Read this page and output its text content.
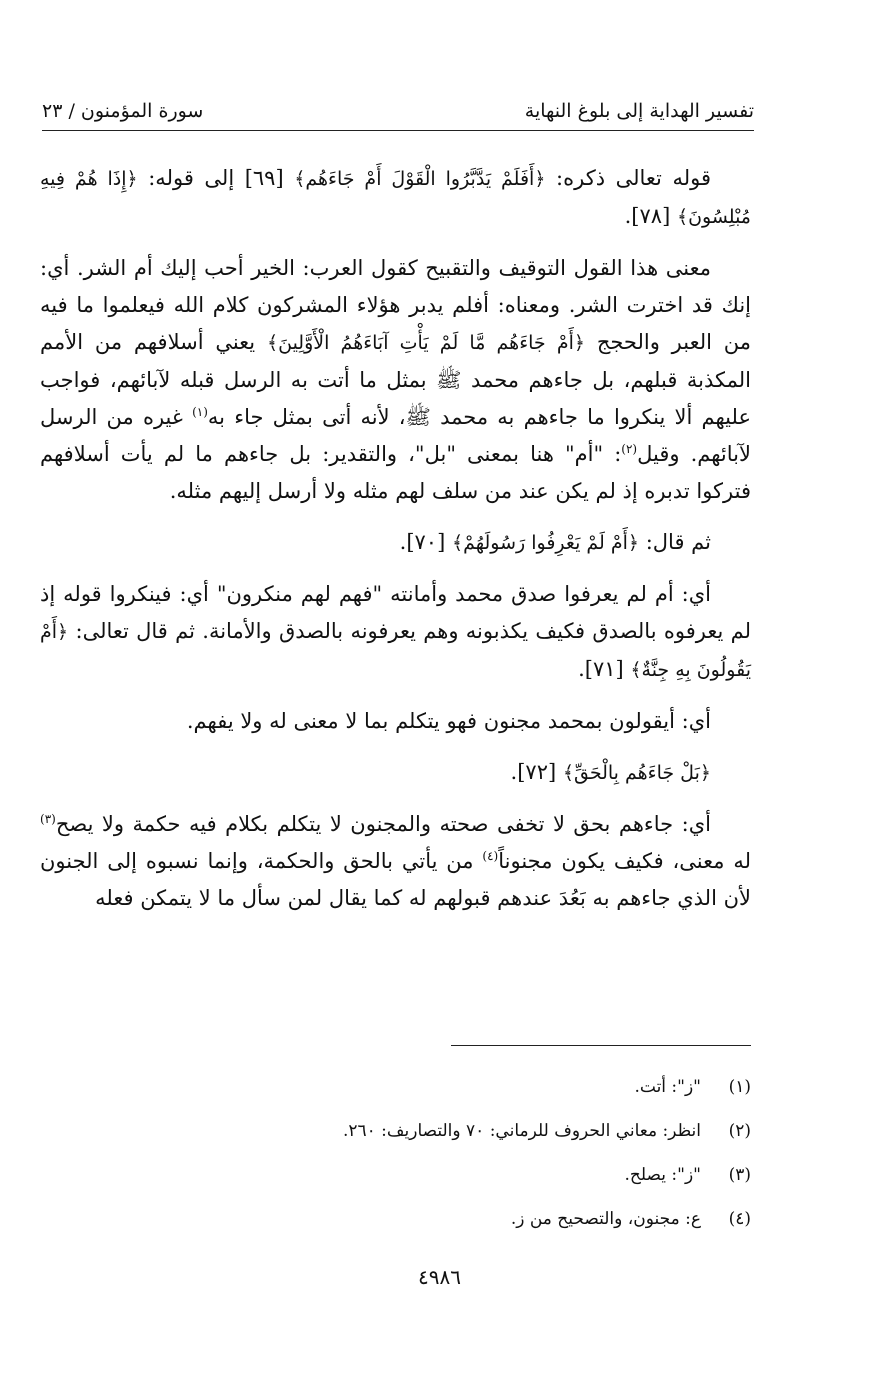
تفسير الهداية إلى بلوغ النهاية
سورة المؤمنون / ٢٣

قوله تعالى ذكره: ﴿أَفَلَمْ يَدَّبَّرُوا الْقَوْلَ أَمْ جَاءَهُم﴾ [٦٩] إلى قوله: ﴿إِذَا هُمْ فِيهِ مُبْلِسُونَ﴾ [٧٨].

معنى هذا القول التوقيف والتقبيح كقول العرب: الخير أحب إليك أم الشر. أي: إنك قد اخترت الشر. ومعناه: أفلم يدبر هؤلاء المشركون كلام الله فيعلموا ما فيه من العبر والحجج ﴿أَمْ جَاءَهُم مَّا لَمْ يَأْتِ آبَاءَهُمُ الْأَوَّلِينَ﴾ يعني أسلافهم من الأمم المكذبة قبلهم، بل جاءهم محمد ﷺ بمثل ما أتت به الرسل قبله لآبائهم، فواجب عليهم ألا ينكروا ما جاءهم به محمد ﷺ، لأنه أتى بمثل جاء به$^{(١)}$ غيره من الرسل لآبائهم. وقيل$^{(٢)}$: "أم" هنا بمعنى "بل"، والتقدير: بل جاءهم ما لم يأت أسلافهم فتركوا تدبره إذ لم يكن عند من سلف لهم مثله ولا أرسل إليهم مثله.

ثم قال: ﴿أَمْ لَمْ يَعْرِفُوا رَسُولَهُمْ﴾ [٧٠].

أي: أم لم يعرفوا صدق محمد وأمانته "فهم لهم منكرون" أي: فينكروا قوله إذ لم يعرفوه بالصدق فكيف يكذبونه وهم يعرفونه بالصدق والأمانة. ثم قال تعالى: ﴿أَمْ يَقُولُونَ بِهِ جِنَّةٌ﴾ [٧١].

أي: أيقولون بمحمد مجنون فهو يتكلم بما لا معنى له ولا يفهم.

﴿بَلْ جَاءَهُم بِالْحَقِّ﴾ [٧٢].

أي: جاءهم بحق لا تخفى صحته والمجنون لا يتكلم بكلام فيه حكمة ولا يصح$^{(٣)}$ له معنى، فكيف يكون مجنوناً$^{(٤)}$ من يأتي بالحق والحكمة، وإنما نسبوه إلى الجنون لأن الذي جاءهم به بَعُدَ عندهم قبولهم له كما يقال لمن سأل ما لا يتمكن فعله

(١)
"ز": أتت.
(٢)
انظر: معاني الحروف للرماني: ٧٠ والتصاريف: ٢٦٠.
(٣)
"ز": يصلح.
(٤)
ع: مجنون، والتصحيح من ز.
٤٩٨٦
